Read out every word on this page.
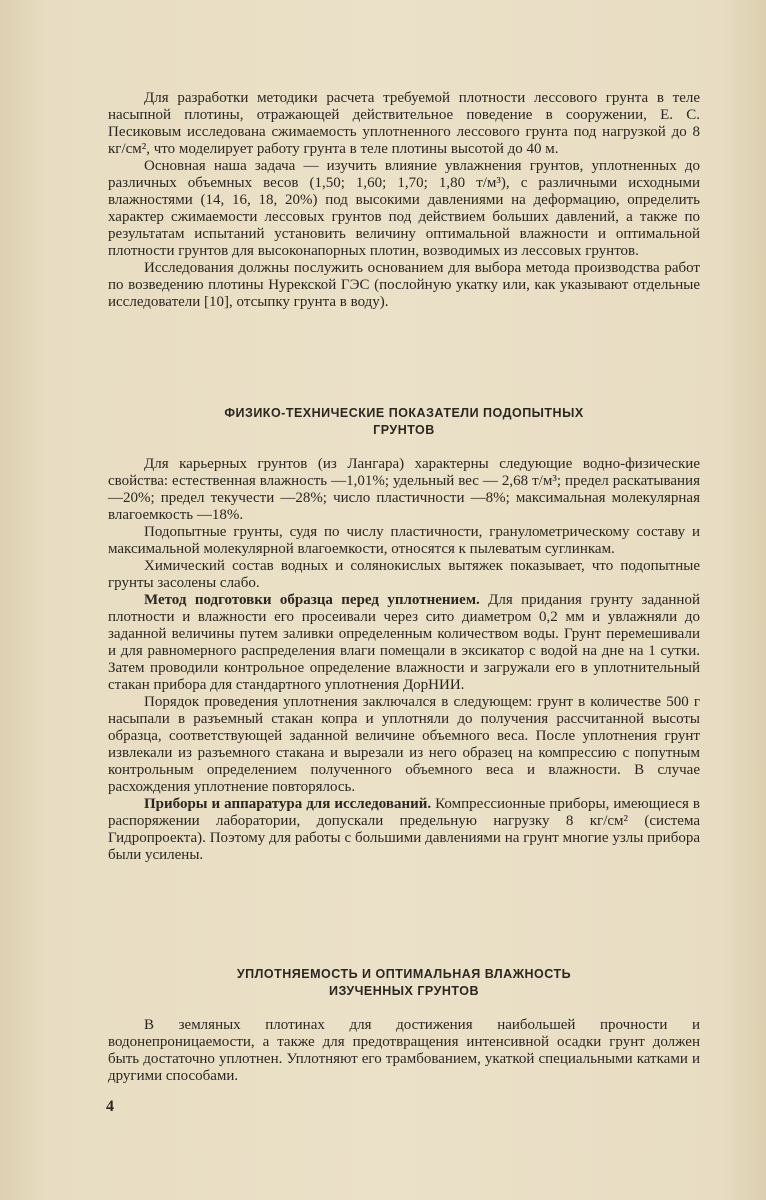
Для разработки методики расчета требуемой плотности лессового грунта в теле насыпной плотины, отражающей действительное поведение в сооружении, Е. С. Песиковым исследована сжимаемость уплотненного лессового грунта под нагрузкой до 8 кг/см², что моделирует работу грунта в теле плотины высотой до 40 м.

Основная наша задача — изучить влияние увлажнения грунтов, уплотненных до различных объемных весов (1,50; 1,60; 1,70; 1,80 т/м³), с различными исходными влажностями (14, 16, 18, 20%) под высокими давлениями на деформацию, определить характер сжимаемости лессовых грунтов под действием больших давлений, а также по результатам испытаний установить величину оптимальной влажности и оптимальной плотности грунтов для высоконапорных плотин, возводимых из лессовых грунтов.

Исследования должны послужить основанием для выбора метода производства работ по возведению плотины Нурекской ГЭС (послойную укатку или, как указывают отдельные исследователи [10], отсыпку грунта в воду).

ФИЗИКО-ТЕХНИЧЕСКИЕ ПОКАЗАТЕЛИ ПОДОПЫТНЫХ
ГРУНТОВ

Для карьерных грунтов (из Лангара) характерны следующие водно-физические свойства: естественная влажность —1,01%; удельный вес — 2,68 т/м³; предел раскатывания —20%; предел текучести —28%; число пластичности —8%; максимальная молекулярная влагоемкость —18%.

Подопытные грунты, судя по числу пластичности, гранулометрическому составу и максимальной молекулярной влагоемкости, относятся к пылеватым суглинкам.

Химический состав водных и солянокислых вытяжек показывает, что подопытные грунты засолены слабо.

Метод подготовки образца перед уплотнением. Для придания грунту заданной плотности и влажности его просеивали через сито диаметром 0,2 мм и увлажняли до заданной величины путем заливки определенным количеством воды. Грунт перемешивали и для равномерного распределения влаги помещали в эксикатор с водой на дне на 1 сутки. Затем проводили контрольное определение влажности и загружали его в уплотнительный стакан прибора для стандартного уплотнения ДорНИИ.

Порядок проведения уплотнения заключался в следующем: грунт в количестве 500 г насыпали в разъемный стакан копра и уплотняли до получения рассчитанной высоты образца, соответствующей заданной величине объемного веса. После уплотнения грунт извлекали из разъемного стакана и вырезали из него образец на компрессию с попутным контрольным определением полученного объемного веса и влажности. В случае расхождения уплотнение повторялось.

Приборы и аппаратура для исследований. Компрессионные приборы, имеющиеся в распоряжении лаборатории, допускали предельную нагрузку 8 кг/см² (система Гидропроекта). Поэтому для работы с большими давлениями на грунт многие узлы прибора были усилены.

УПЛОТНЯЕМОСТЬ И ОПТИМАЛЬНАЯ ВЛАЖНОСТЬ
ИЗУЧЕННЫХ ГРУНТОВ

В земляных плотинах для достижения наибольшей прочности и водонепроницаемости, а также для предотвращения интенсивной осадки грунт должен быть достаточно уплотнен. Уплотняют его трамбованием, укаткой специальными катками и другими способами.

4
